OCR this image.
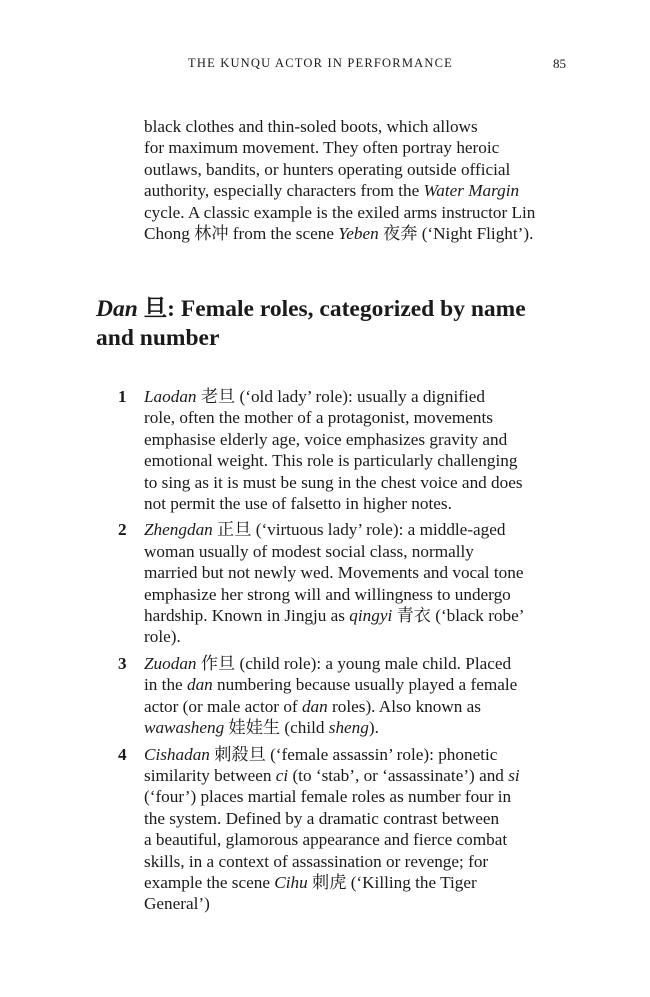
THE KUNQU ACTOR IN PERFORMANCE	85
black clothes and thin-soled boots, which allows
for maximum movement. They often portray heroic
outlaws, bandits, or hunters operating outside official
authority, especially characters from the Water Margin
cycle. A classic example is the exiled arms instructor Lin
Chong 林冲 from the scene Yeben 夜奔 (‘Night Flight’).
Dan 旦: Female roles, categorized by name
and number
1 Laodan 老旦 (‘old lady’ role): usually a dignified
role, often the mother of a protagonist, movements
emphasise elderly age, voice emphasizes gravity and
emotional weight. This role is particularly challenging
to sing as it is must be sung in the chest voice and does
not permit the use of falsetto in higher notes.
2 Zhengdan 正旦 (‘virtuous lady’ role): a middle-aged
woman usually of modest social class, normally
married but not newly wed. Movements and vocal tone
emphasize her strong will and willingness to undergo
hardship. Known in Jingju as qingyi 青衣 (‘black robe’
role).
3 Zuodan 作旦 (child role): a young male child. Placed
in the dan numbering because usually played a female
actor (or male actor of dan roles). Also known as
wawasheng 娃娃生 (child sheng).
4 Cishadan 刺殺旦 (‘female assassin’ role): phonetic
similarity between ci (to ‘stab’, or ‘assassinate’) and si
(‘four’) places martial female roles as number four in
the system. Defined by a dramatic contrast between
a beautiful, glamorous appearance and fierce combat
skills, in a context of assassination or revenge; for
example the scene Cihu 刺虎 (‘Killing the Tiger
General’)
